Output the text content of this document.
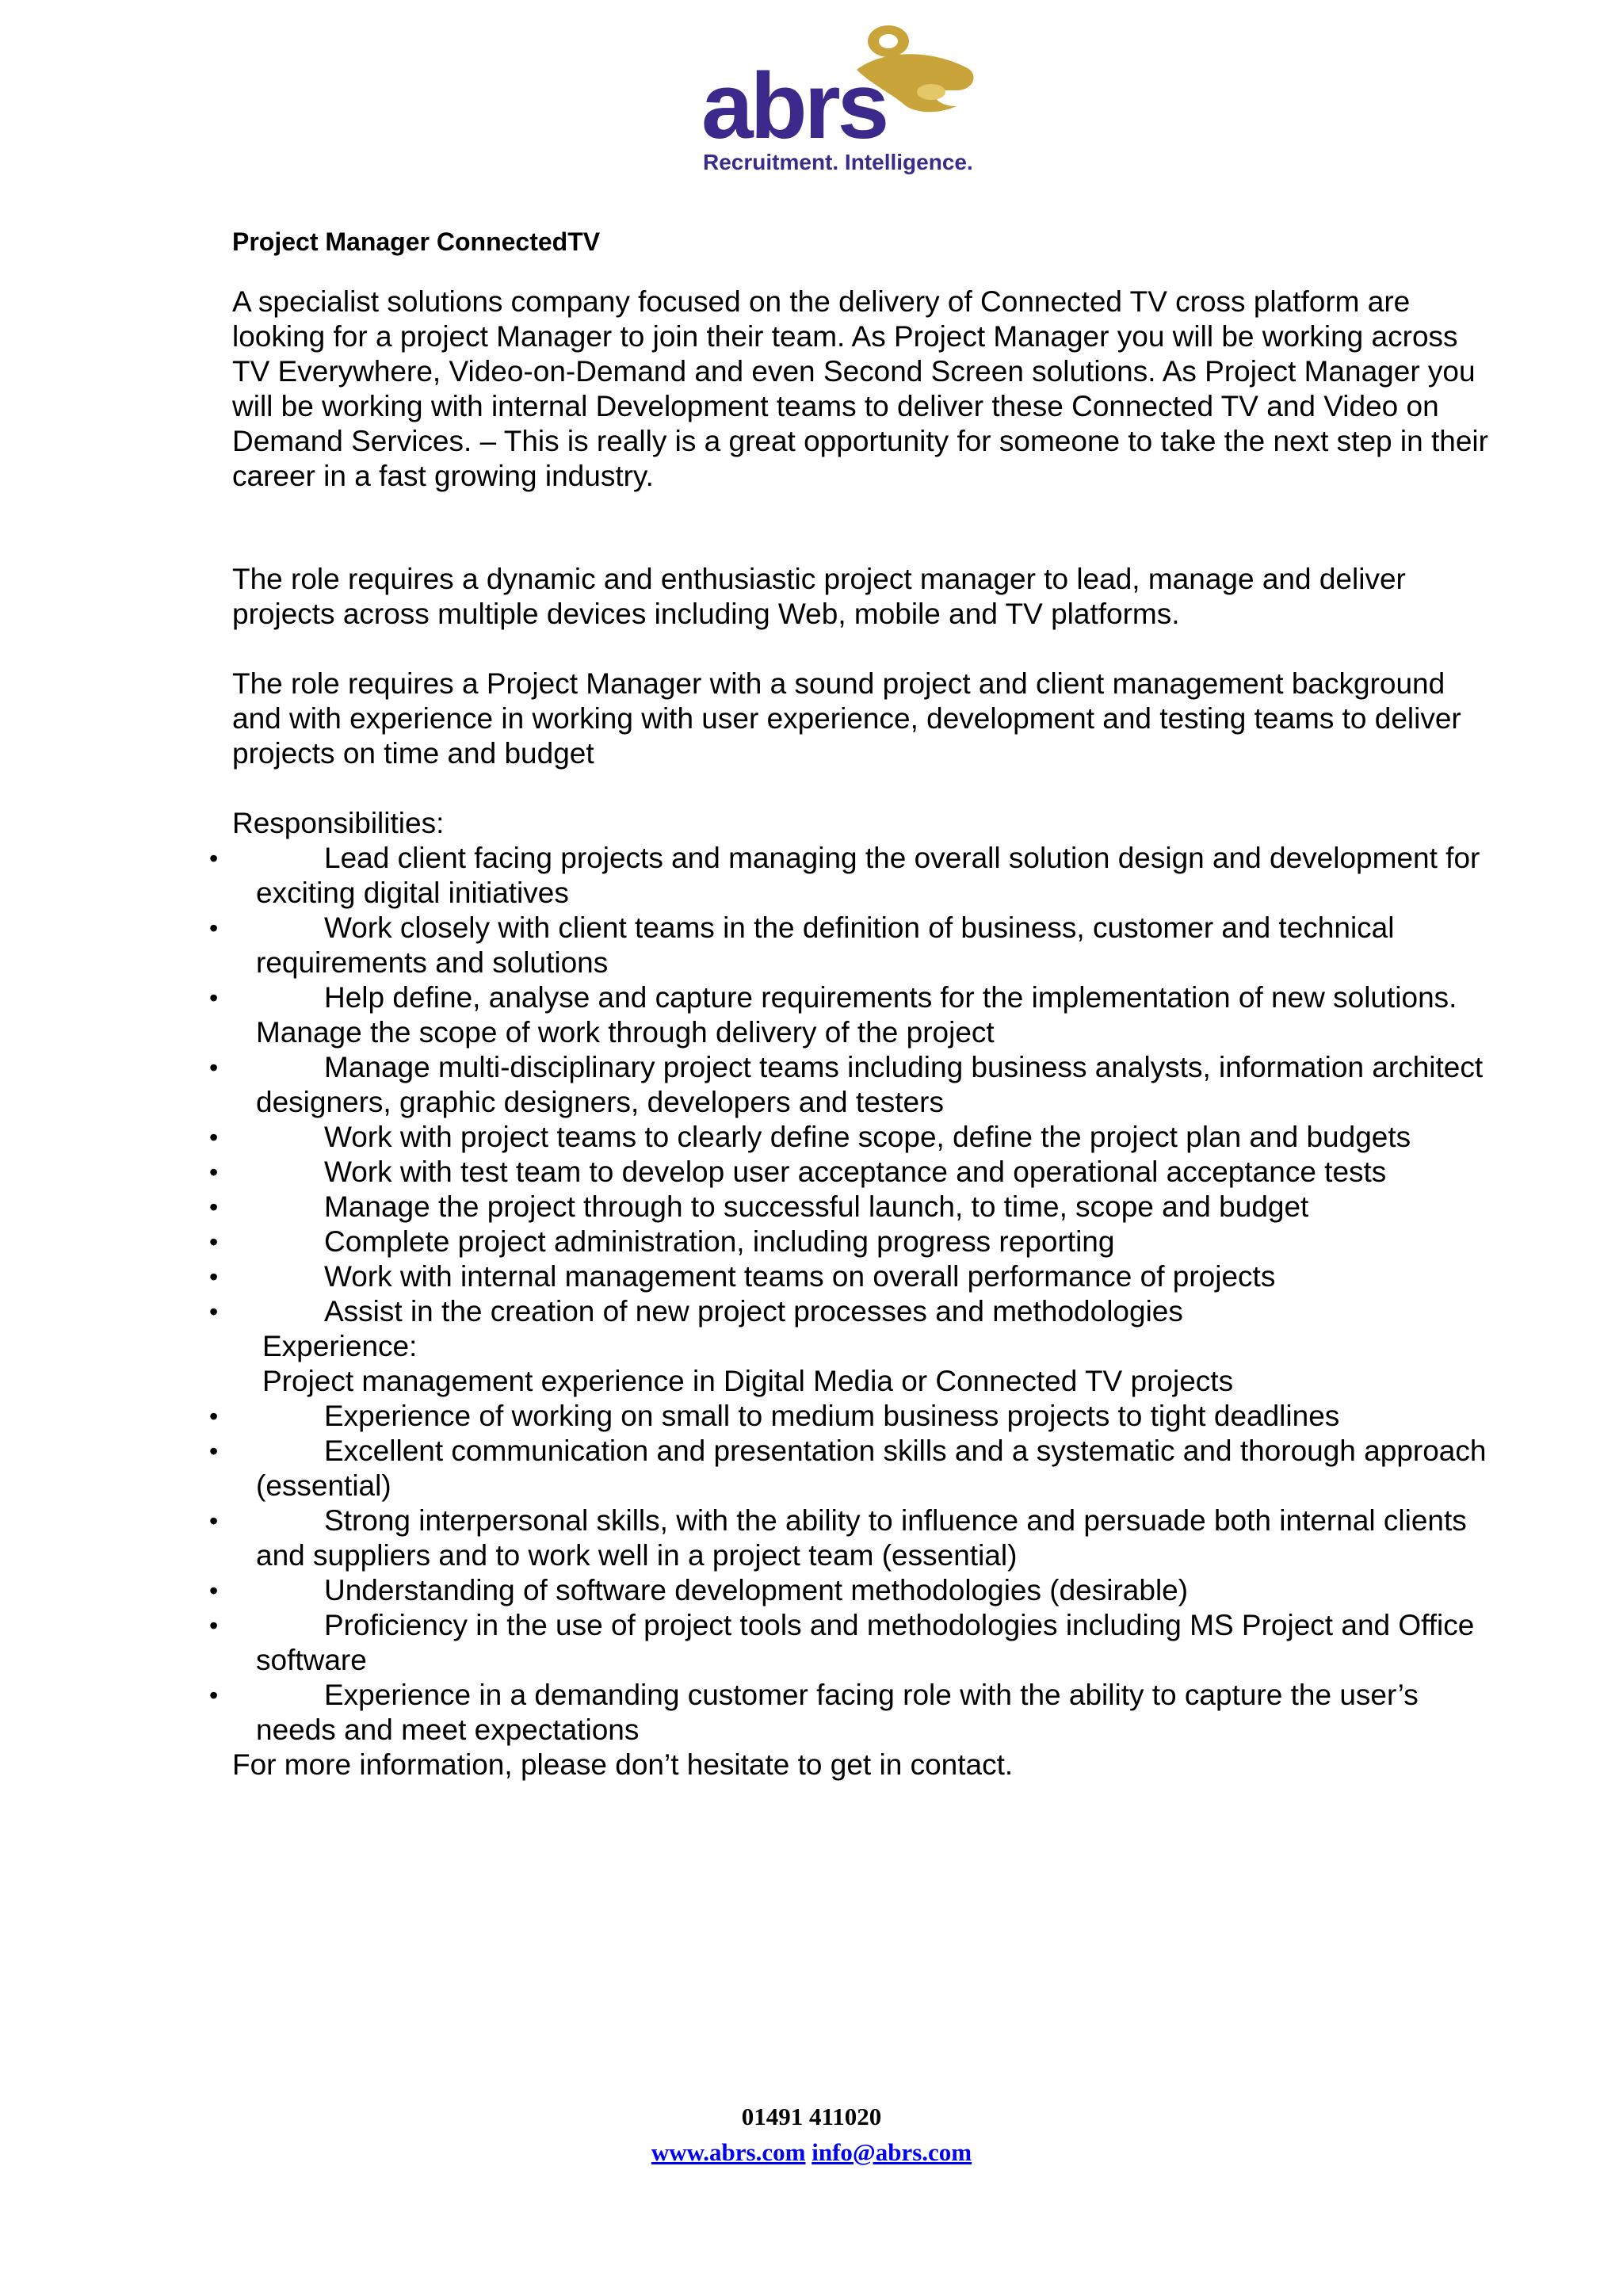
abrs
Recruitment. Intelligence.

Project Manager ConnectedTV

A specialist solutions company focused on the delivery of Connected TV cross platform are looking for a project Manager to join their team. As Project Manager you will be working across TV Everywhere, Video-on-Demand and even Second Screen solutions. As Project Manager you will be working with internal Development teams to deliver these Connected TV and Video on Demand Services. – This is really is a great opportunity for someone to take the next step in their career in a fast growing industry.

The role requires a dynamic and enthusiastic project manager to lead, manage and deliver projects across multiple devices including Web, mobile and TV platforms.

The role requires a Project Manager with a sound project and client management background and with experience in working with user experience, development and testing teams to deliver projects on time and budget

Responsibilities:

• Lead client facing projects and managing the overall solution design and development for exciting digital initiatives
• Work closely with client teams in the definition of business, customer and technical requirements and solutions
• Help define, analyse and capture requirements for the implementation of new solutions. Manage the scope of work through delivery of the project
• Manage multi-disciplinary project teams including business analysts, information architect designers, graphic designers, developers and testers
• Work with project teams to clearly define scope, define the project plan and budgets
• Work with test team to develop user acceptance and operational acceptance tests
• Manage the project through to successful launch, to time, scope and budget
• Complete project administration, including progress reporting
• Work with internal management teams on overall performance of projects
• Assist in the creation of new project processes and methodologies

Experience:

Project management experience in Digital Media or Connected TV projects

• Experience of working on small to medium business projects to tight deadlines
• Excellent communication and presentation skills and a systematic and thorough approach (essential)
• Strong interpersonal skills, with the ability to influence and persuade both internal clients and suppliers and to work well in a project team (essential)
• Understanding of software development methodologies (desirable)
• Proficiency in the use of project tools and methodologies including MS Project and Office software
• Experience in a demanding customer facing role with the ability to capture the user’s needs and meet expectations

For more information, please don’t hesitate to get in contact.

01491 411020
www.abrs.com info@abrs.com
